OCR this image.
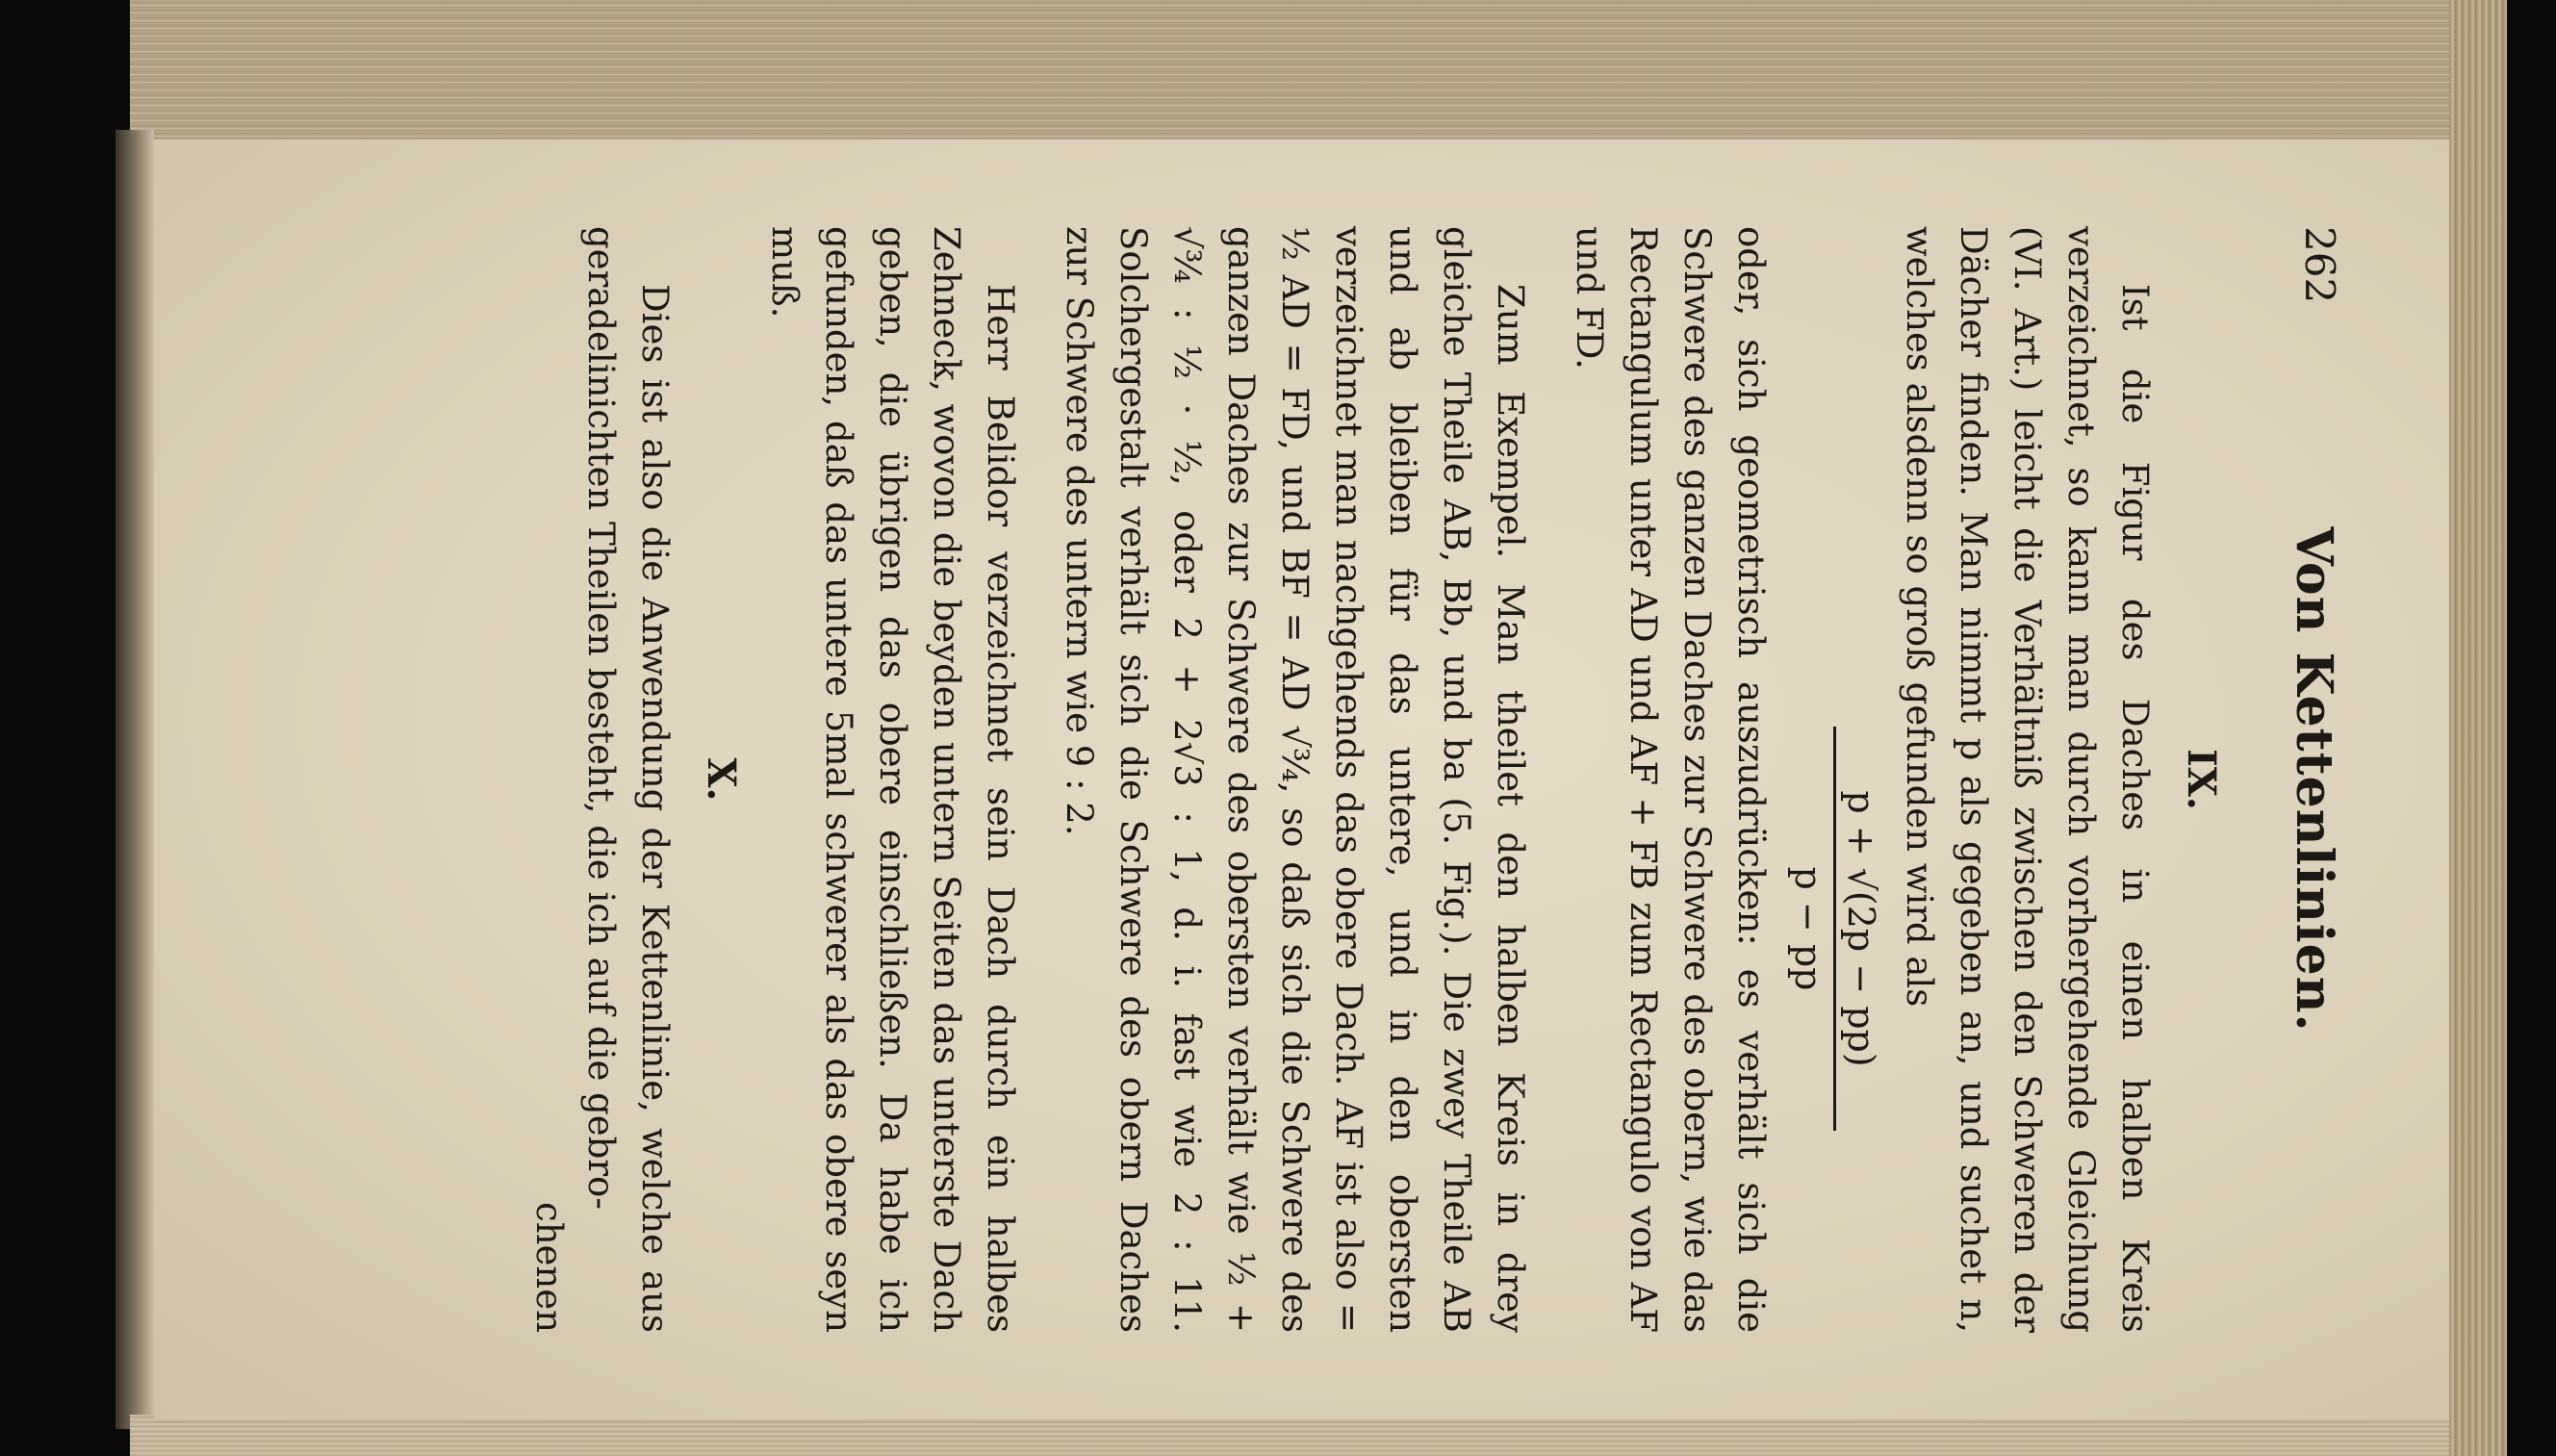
262
Von Kettenlinien.
IX.

Ist die Figur des Daches in einen halben Kreis verzeichnet, so kann man durch vorhergehende Gleichung (VI. Art.) leicht die Verhältniß zwischen den Schweren der Dächer finden. Man nimmt p als gegeben an, und suchet n, welches alsdenn so groß gefunden wird als

p + √(2p − pp)
p − pp

oder, sich geometrisch auszudrücken: es verhält sich die Schwere des ganzen Daches zur Schwere des obern, wie das Rectangulum unter AD und AF + FB zum Rectangulo von AF und FD.

Zum Exempel. Man theilet den halben Kreis in drey gleiche Theile AB, Bb, und ba (5. Fig.). Die zwey Theile AB und ab bleiben für das untere, und in den obersten verzeichnet man nachgehends das obere Dach. AF ist also = ½ AD = FD, und BF = AD √¾, so daß sich die Schwere des ganzen Daches zur Schwere des obersten verhält wie ½ + √¾ : ½ · ½, oder 2 + 2√3 : 1, d. i. fast wie 2 : 11. Solchergestalt verhält sich die Schwere des obern Daches zur Schwere des untern wie 9 : 2.

Herr Belidor verzeichnet sein Dach durch ein halbes Zehneck, wovon die beyden untern Seiten das unterste Dach geben, die übrigen das obere einschließen. Da habe ich gefunden, daß das untere 5mal schwerer als das obere seyn muß.

X.

Dies ist also die Anwendung der Kettenlinie, welche aus geradelinichten Theilen besteht, die ich auf die gebro-

chenen
